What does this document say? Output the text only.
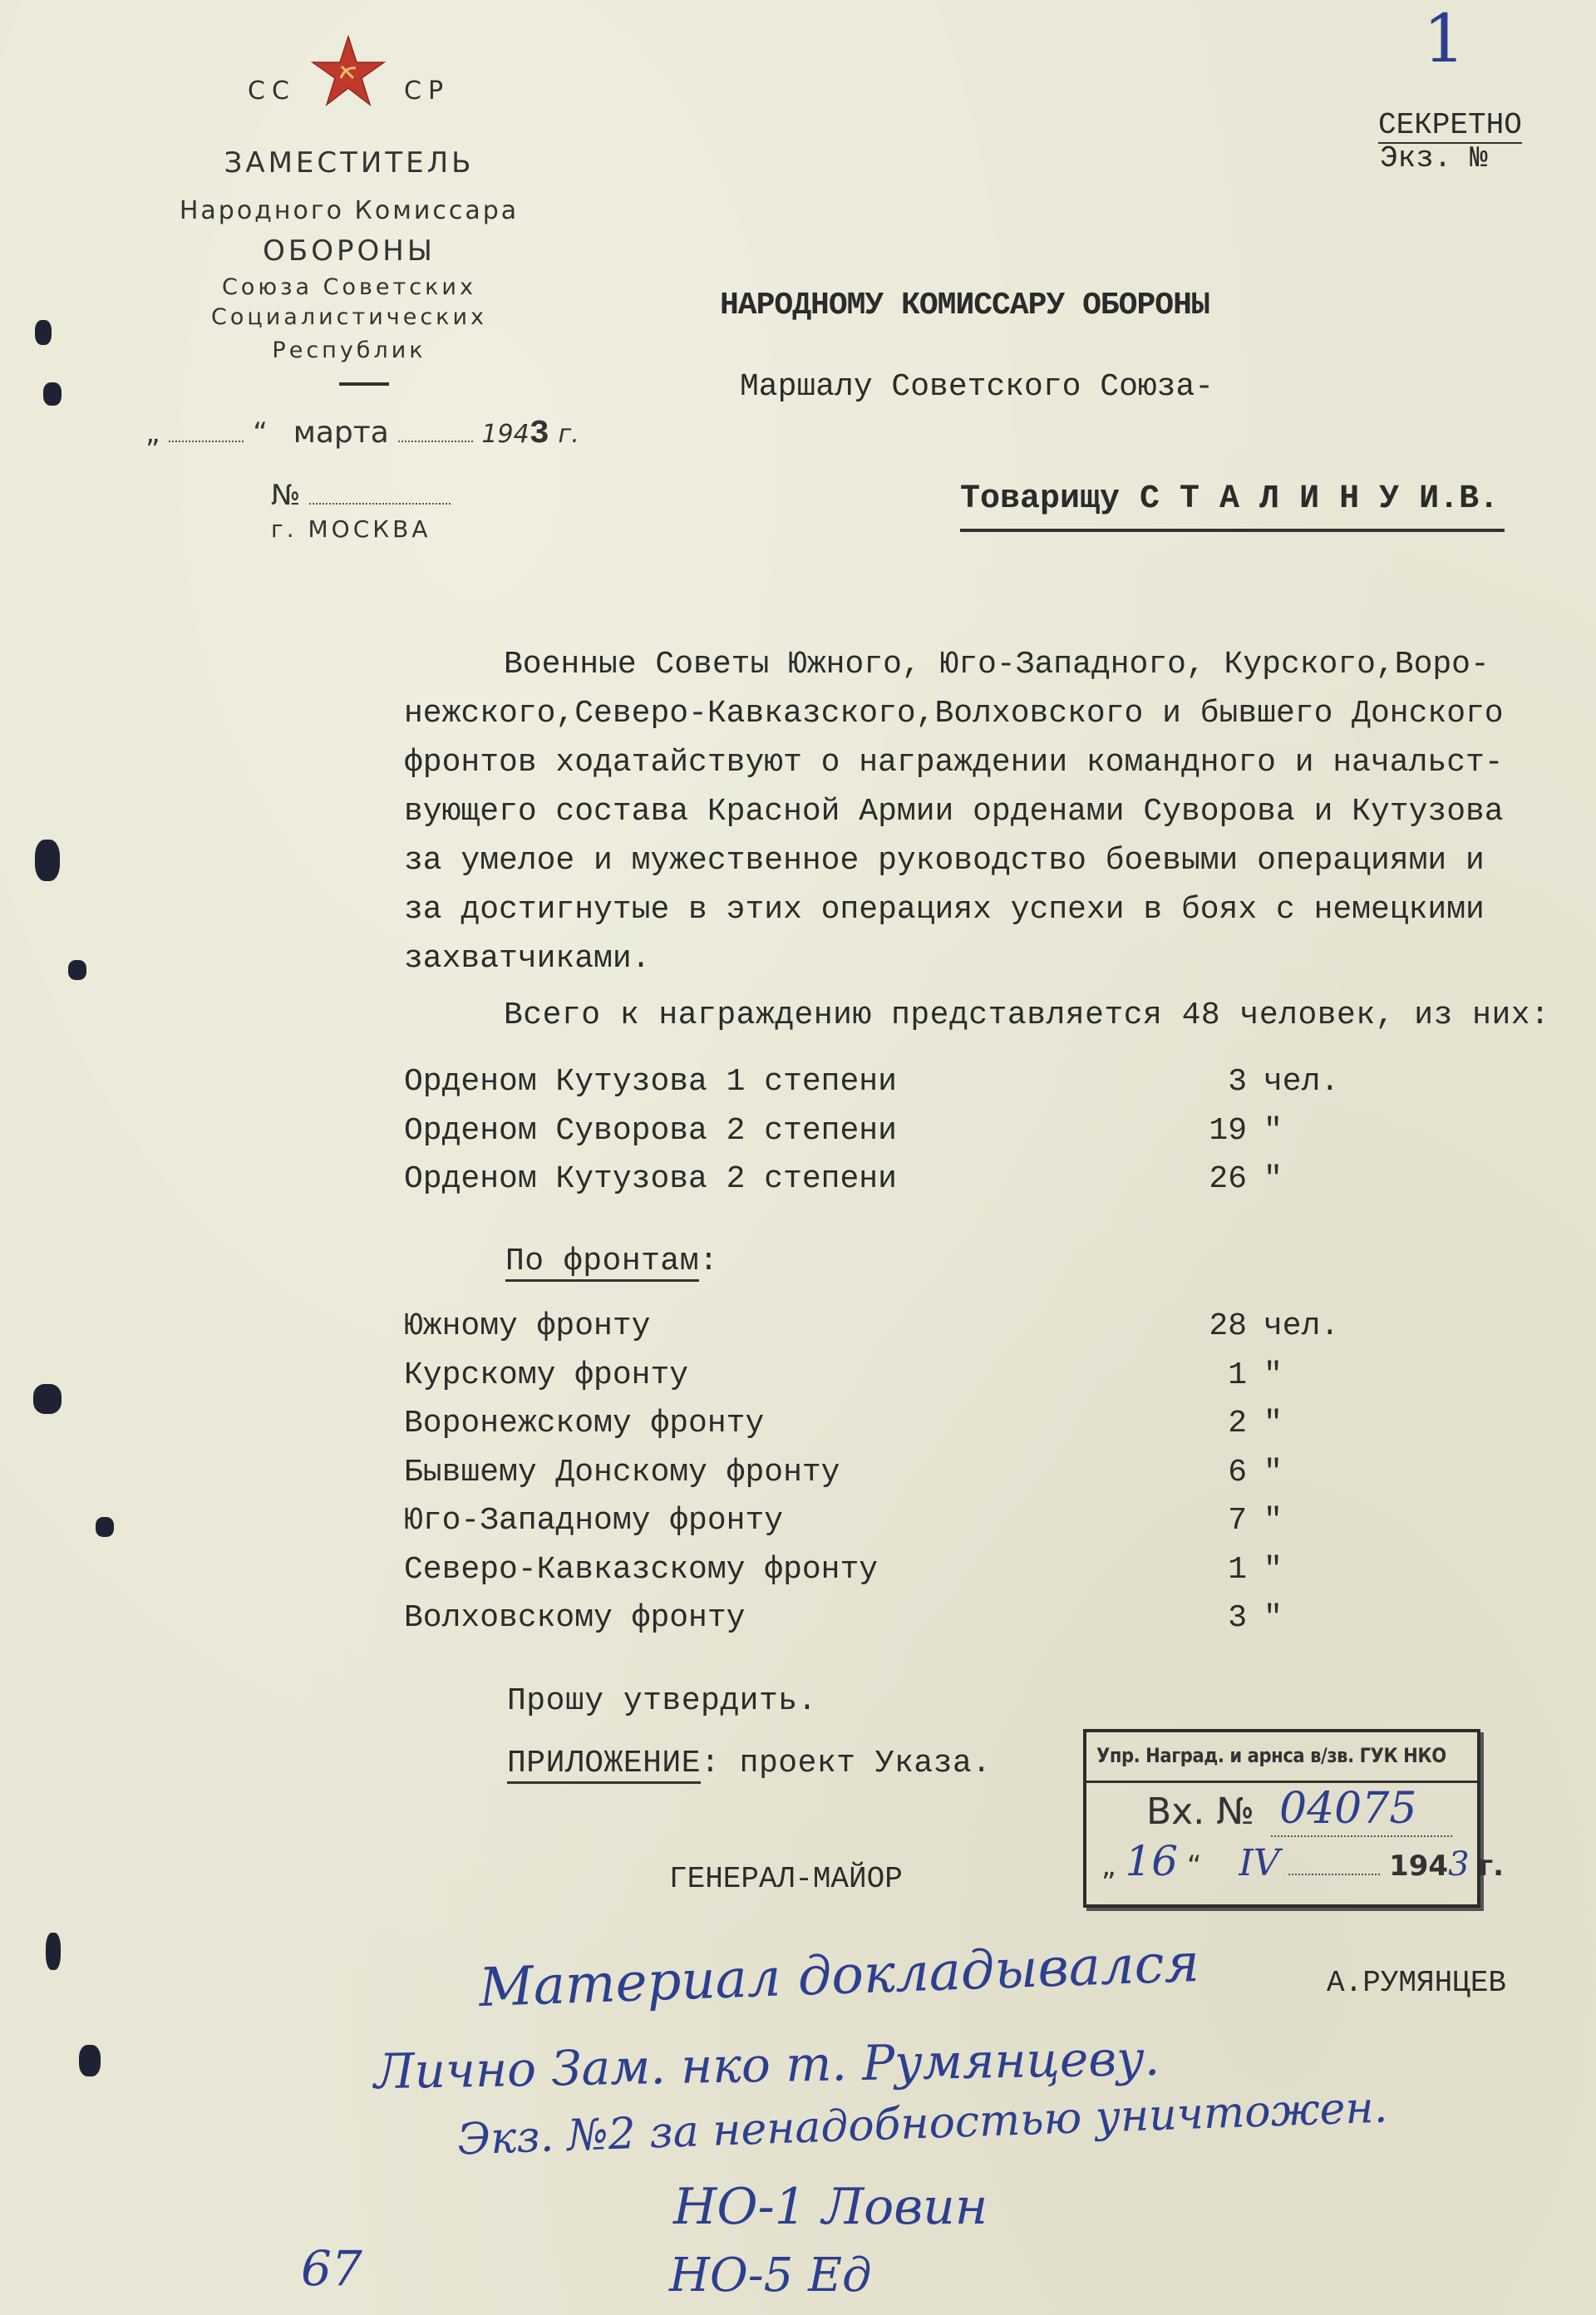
1
СС	СР
ЗАМЕСТИТЕЛЬ
Народного Комиссара
ОБОРОНЫ
Союза Советских
Социалистических
Республик
„	“ марта	1943 г.
№
г. МОСКВА
СЕКРЕТНО
Экз. №
НАРОДНОМУ КОМИССАРУ ОБОРОНЫ
Маршалу Советского Союза-
Товарищу С Т А Л И Н У И.В.
Военные Советы Южного, Юго-Западного, Курского,Воро-
нежского,Северо-Кавказского,Волховского и бывшего Донского
фронтов ходатайствуют о награждении командного и начальст-
вующего состава Красной Армии орденами Суворова и Кутузова
за умелое и мужественное руководство боевыми операциями и
за достигнутые в этих операциях успехи в боях с немецкими
захватчиками.
Всего к награждению представляется 48 человек, из них:
Орденом Кутузова 1 степени	3 чел.
Орденом Суворова 2 степени	19 "
Орденом Кутузова 2 степени	26 "
По фронтам:
Южному фронту	28 чел.
Курскому фронту	1 "
Воронежскому фронту	2 "
Бывшему Донскому фронту	6 "
Юго-Западному фронту	7 "
Северо-Кавказскому фронту	1 "
Волховскому фронту	3 "
Прошу утвердить.
ПРИЛОЖЕНИЕ: проект Указа.
ГЕНЕРАЛ-МАЙОР
А.РУМЯНЦЕВ
Упр. Наград. и арнса в/зв. ГУК НКО
Вх. № 04075
„ 16 “ IV	1943 г.
Материал докладывался
Лично Зам. нко т. Румянцеву.
Экз. №2 за ненадобностью уничтожен.
НО-1 Ловин
НО-5 Ед
67
